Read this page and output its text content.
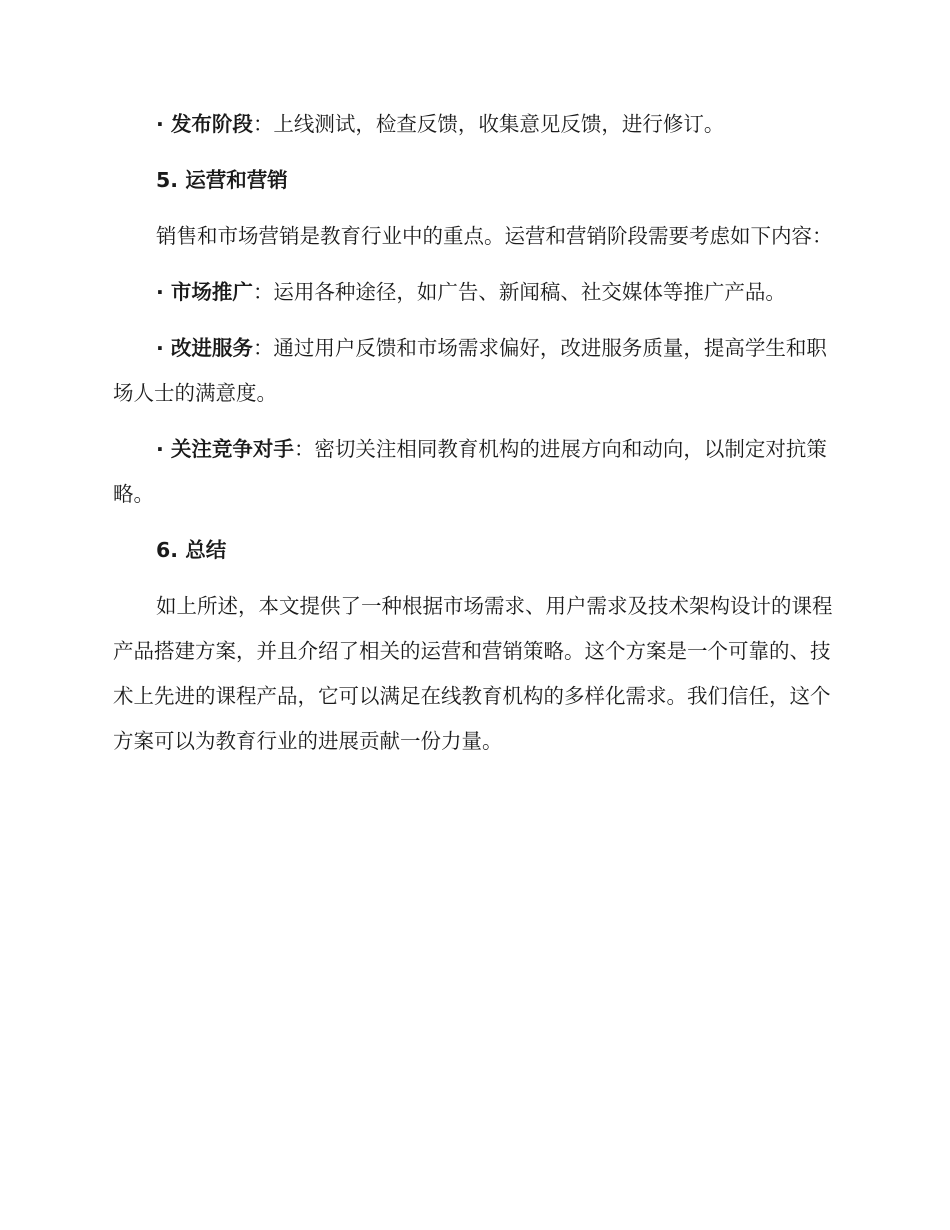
· 发布阶段：上线测试，检查反馈，收集意见反馈，进行修订。

5. 运营和营销

销售和市场营销是教育行业中的重点。运营和营销阶段需要考虑如下内容：

· 市场推广：运用各种途径，如广告、新闻稿、社交媒体等推广产品。

· 改进服务：通过用户反馈和市场需求偏好，改进服务质量，提高学生和职场人士的满意度。

· 关注竞争对手：密切关注相同教育机构的进展方向和动向，以制定对抗策略。

6. 总结

如上所述，本文提供了一种根据市场需求、用户需求及技术架构设计的课程产品搭建方案，并且介绍了相关的运营和营销策略。这个方案是一个可靠的、技术上先进的课程产品，它可以满足在线教育机构的多样化需求。我们信任，这个方案可以为教育行业的进展贡献一份力量。
